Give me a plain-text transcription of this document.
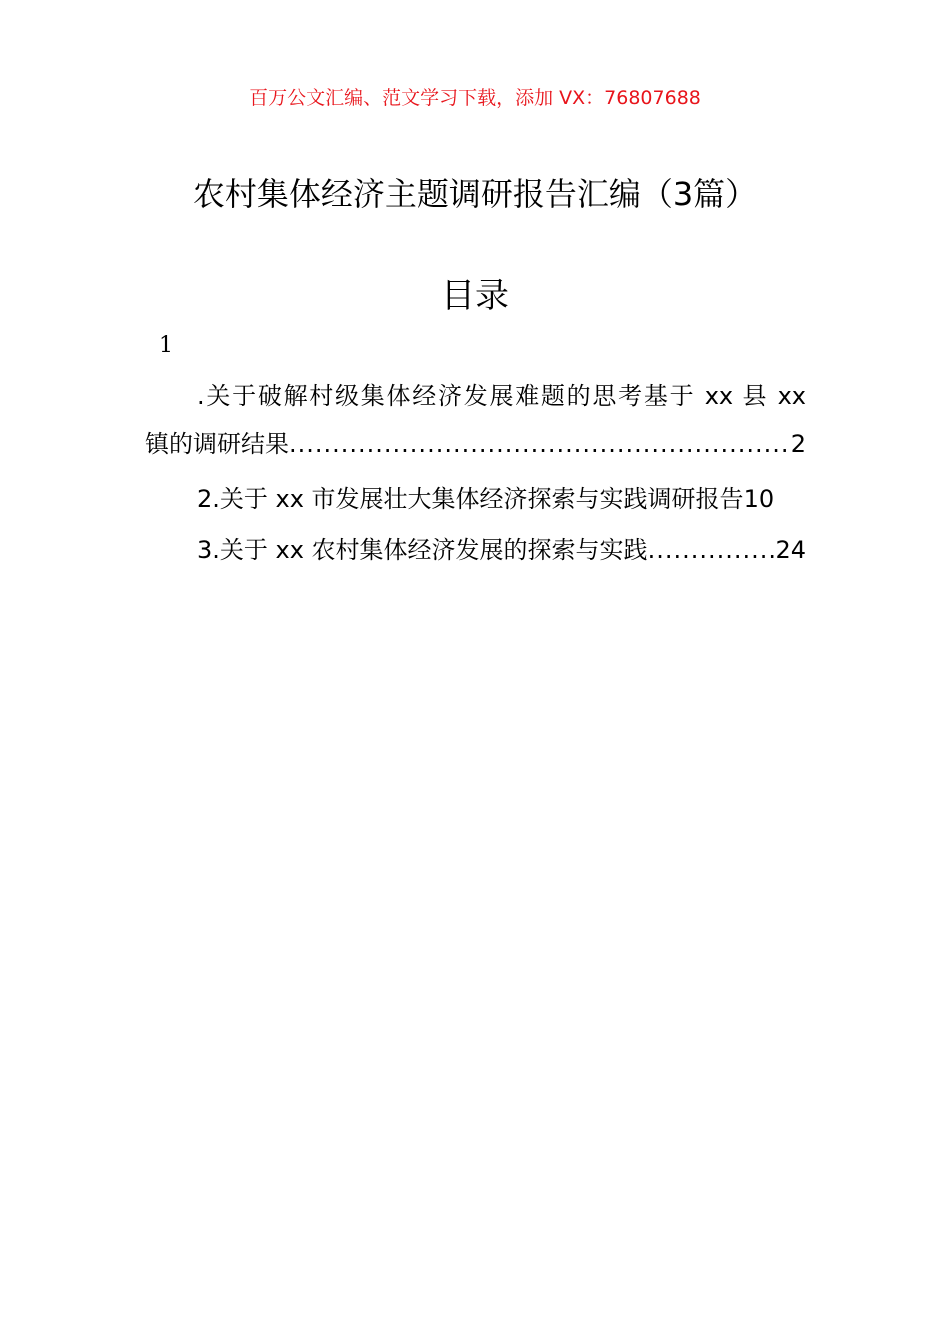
百万公文汇编、范文学习下载，添加 VX：76807688
农村集体经济主题调研报告汇编（3篇）
目录
1
.关于破解村级集体经济发展难题的思考基于 xx 县 xx
镇的调研结果 .....	2
2.关于 xx 市发展壮大集体经济探索与实践调研报告 10
3.关于 xx 农村集体经济发展的探索与实践 .....	24
